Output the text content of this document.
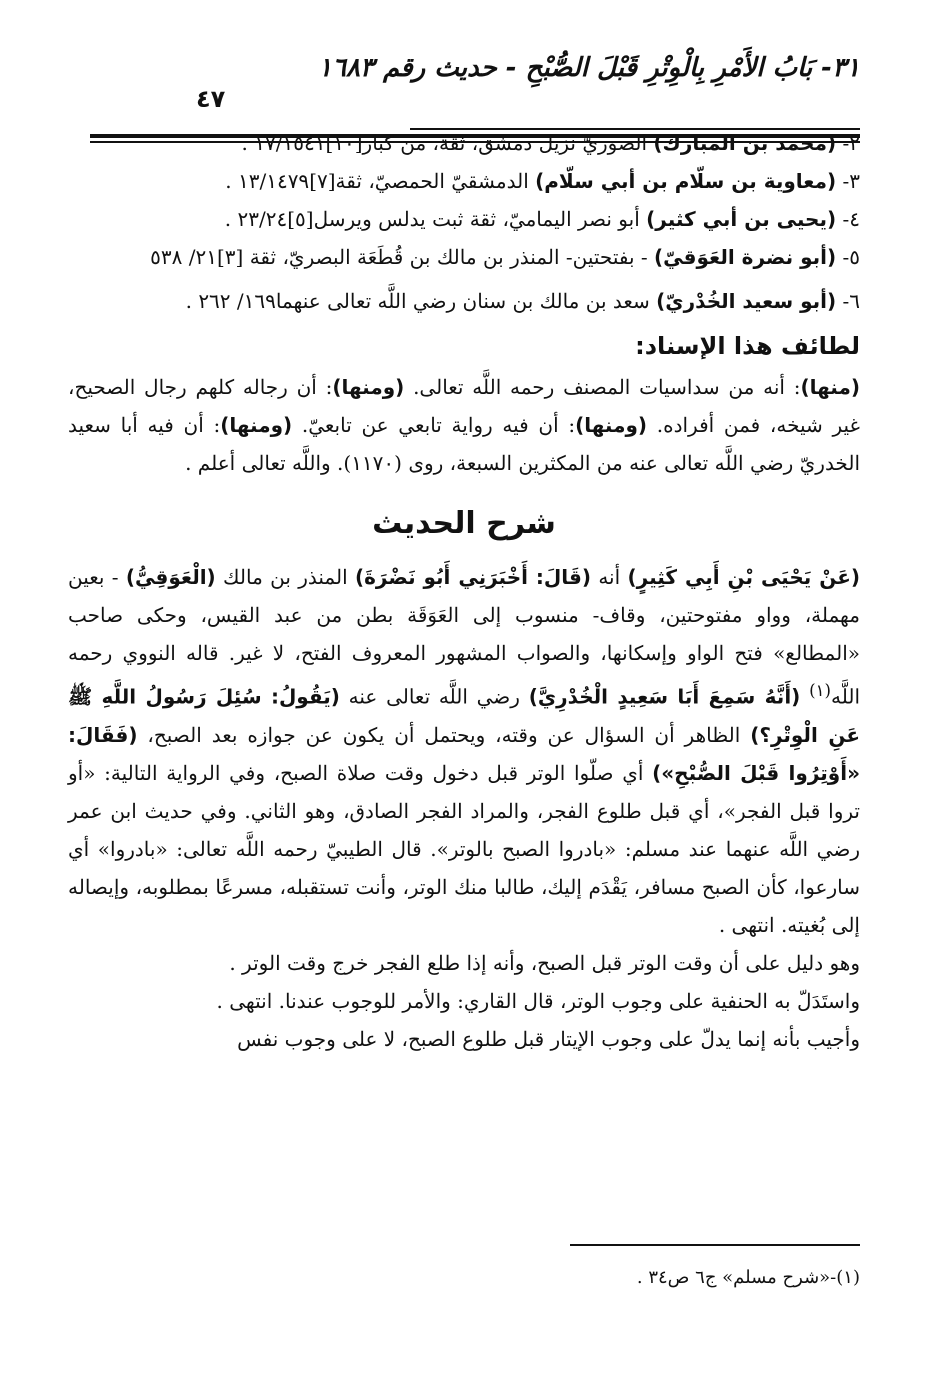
٣١- بَابُ الأَمْرِ بِالْوِتْرِ قَبْلَ الصُّبْحِ - حديث رقم ١٦٨٣
٤٧

٢- (محمد بن المبارك) الصوريّ نزيل دمشق، ثقة، من كبار[١٠]١٧/١٥٤١ .

٣- (معاوية بن سلّام بن أبي سلّام) الدمشقيّ الحمصيّ، ثقة[٧]١٣/١٤٧٩ .

٤- (يحيى بن أبي كثير) أبو نصر اليماميّ، ثقة ثبت يدلس ويرسل[٥]٢٣/٢٤ .

٥- (أبو نضرة العَوَقيّ) - بفتحتين- المنذر بن مالك بن قُطَعَة البصريّ، ثقة [٣]٢١/ ٥٣٨

٦- (أبو سعيد الخُدْريّ) سعد بن مالك بن سنان رضي اللَّه تعالى عنهما١٦٩/ ٢٦٢ .

لطائف هذا الإسناد:

(منها): أنه من سداسيات المصنف رحمه اللَّه تعالى. (ومنها): أن رجاله كلهم رجال الصحيح، غير شيخه، فمن أفراده. (ومنها): أن فيه رواية تابعي عن تابعيّ. (ومنها): أن فيه أبا سعيد الخدريّ رضي اللَّه تعالى عنه من المكثرين السبعة، روى (١١٧٠). واللَّه تعالى أعلم .

شرح الحديث

(عَنْ يَحْيَى بْنِ أَبِي كَثِيرٍ) أنه (قَالَ: أَخْبَرَنِي أَبُو نَضْرَةَ) المنذر بن مالك (الْعَوَقِيُّ) - بعين مهملة، وواو مفتوحتين، وقاف- منسوب إلى العَوَقَة بطن من عبد القيس، وحكى صاحب «المطالع» فتح الواو وإسكانها، والصواب المشهور المعروف الفتح، لا غير. قاله النووي رحمه اللَّه$^{(١)}$ (أَنَّهُ سَمِعَ أَبَا سَعِيدٍ الْخُدْرِيَّ) رضي اللَّه تعالى عنه (يَقُولُ: سُئِلَ رَسُولُ اللَّهِ ﷺ عَنِ الْوِتْرِ؟) الظاهر أن السؤال عن وقته، ويحتمل أن يكون عن جوازه بعد الصبح، (فَقَالَ: «أَوْتِرُوا قَبْلَ الصُّبْحِ») أي صلّوا الوتر قبل دخول وقت صلاة الصبح، وفي الرواية التالية: «أو تروا قبل الفجر»، أي قبل طلوع الفجر، والمراد الفجر الصادق، وهو الثاني. وفي حديث ابن عمر رضي اللَّه عنهما عند مسلم: «بادروا الصبح بالوتر». قال الطيبيّ رحمه اللَّه تعالى: «بادروا» أي سارعوا، كأن الصبح مسافر، يَقْدَم إليك، طالبا منك الوتر، وأنت تستقبله، مسرعًا بمطلوبه، وإيصاله إلى بُغيته. انتهى .

وهو دليل على أن وقت الوتر قبل الصبح، وأنه إذا طلع الفجر خرج وقت الوتر .

واستَدَلّ به الحنفية على وجوب الوتر، قال القاري: والأمر للوجوب عندنا. انتهى .

وأجيب بأنه إنما يدلّ على وجوب الإيتار قبل طلوع الصبح، لا على وجوب نفس

(١)-«شرح مسلم» ج٦ ص٣٤ .
